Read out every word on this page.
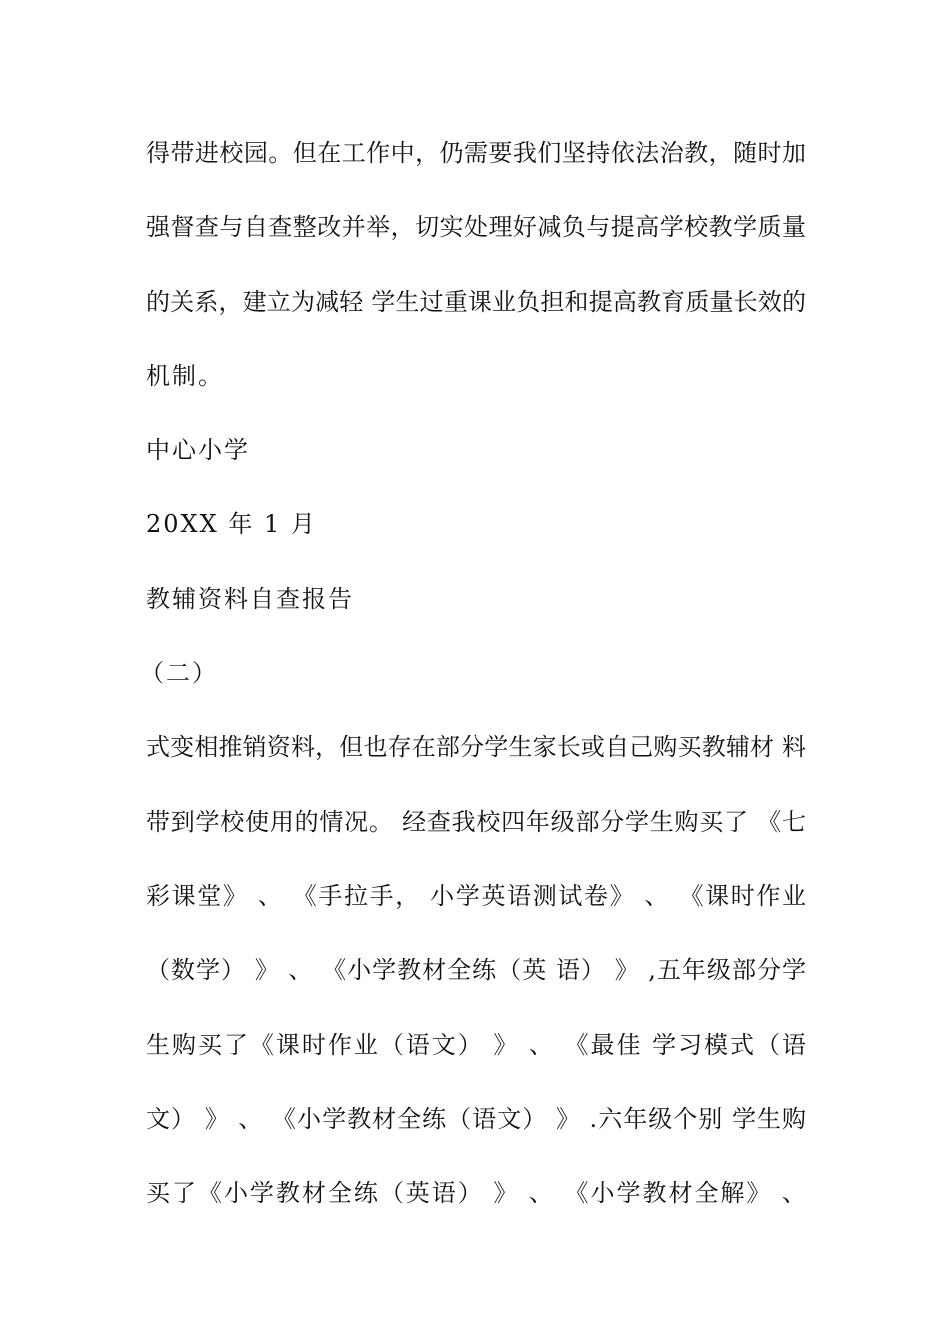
得带进校园。但在工作中，仍需要我们坚持依法治教，随时加
强督查与自查整改并举，切实处理好减负与提高学校教学质量
的关系，建立为减轻 学生过重课业负担和提高教育质量长效的
机制。
中心小学
20XX 年 1 月
教辅资料自查报告
（二）
式变相推销资料，但也存在部分学生家长或自己购买教辅材 料
带到学校使用的情况。 经查我校四年级部分学生购买了 《七
彩课堂》 、 《手拉手， 小学英语测试卷》 、 《课时作业
（数学） 》 、 《小学教材全练（英 语） 》 ,五年级部分学
生购买了《课时作业（语文） 》 、 《最佳 学习模式（语
文） 》 、 《小学教材全练（语文） 》 .六年级个别 学生购
买了《小学教材全练（英语） 》 、 《小学教材全解》 、
